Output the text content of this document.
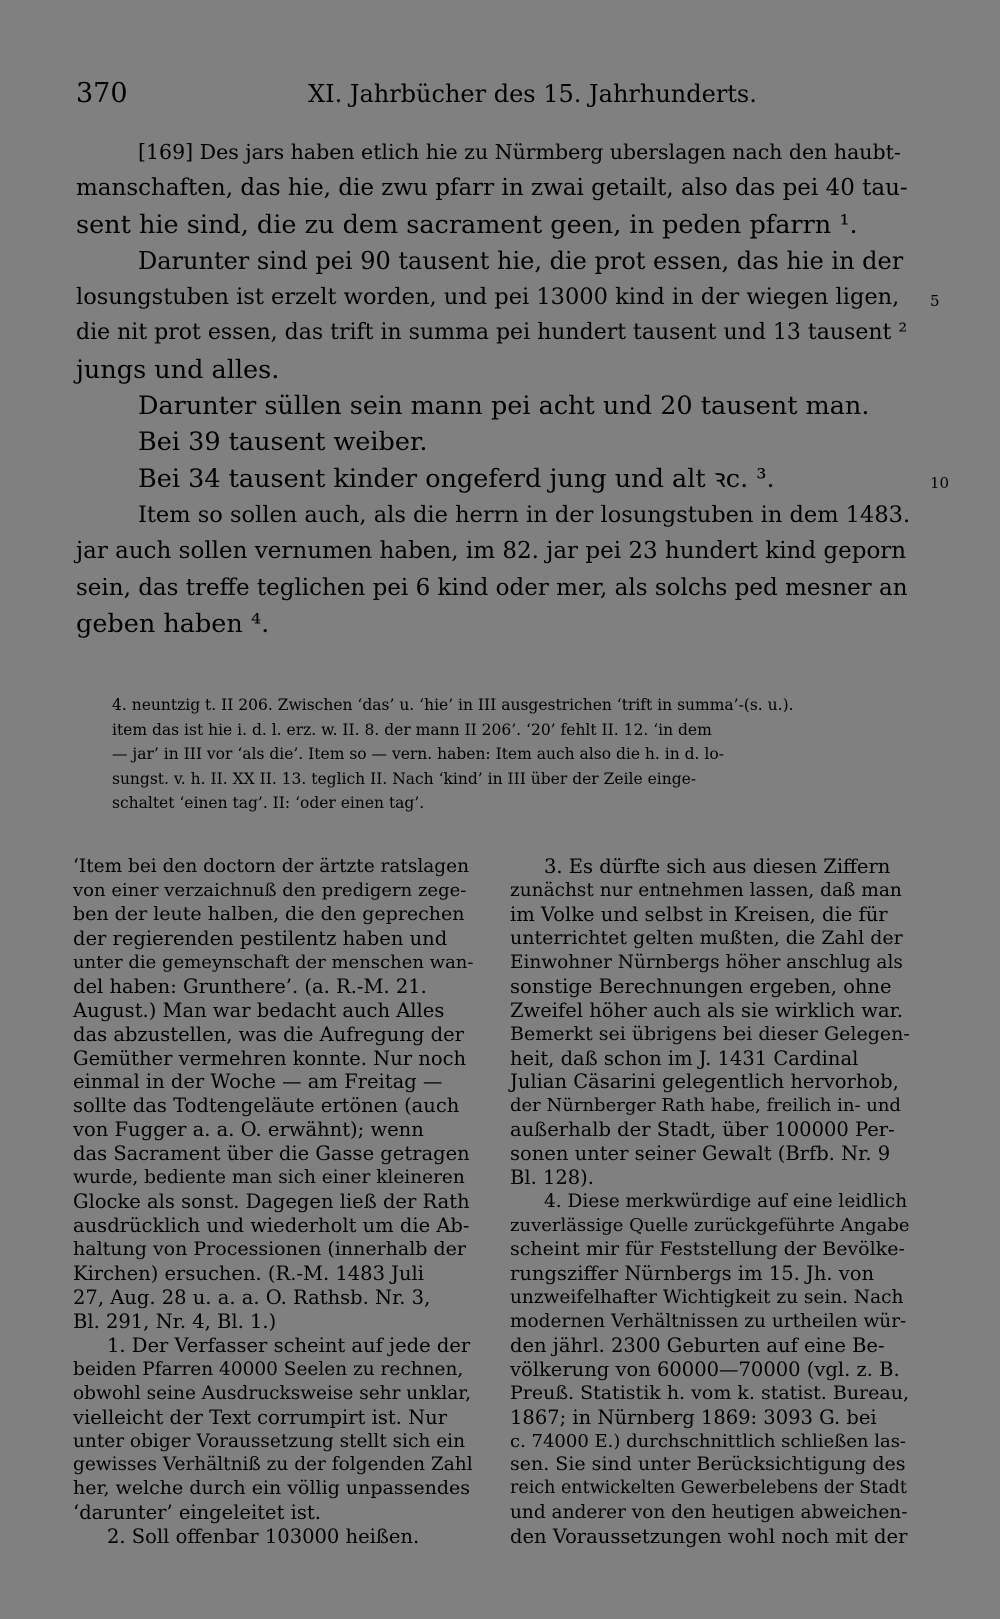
370	XI. Jahrbücher des 15. Jahrhunderts.
[169] Des jars haben etlich hie zu Nürmberg uberslagen nach den haubt-
manschaften, das hie, die zwu pfarr in zwai getailt, also das pei 40 tau-
sent hie sind, die zu dem sacrament geen, in peden pfarrn ¹.
Darunter sind pei 90 tausent hie, die prot essen, das hie in der
losungstuben ist erzelt worden, und pei 13000 kind in der wiegen ligen,
die nit prot essen, das trift in summa pei hundert tausent und 13 tausent ²
jungs und alles.
Darunter süllen sein mann pei acht und 20 tausent man.
Bei 39 tausent weiber.
Bei 34 tausent kinder ongeferd jung und alt ꝛc. ³.
Item so sollen auch, als die herrn in der losungstuben in dem 1483.
jar auch sollen vernumen haben, im 82. jar pei 23 hundert kind geporn
sein, das treffe teglichen pei 6 kind oder mer, als solchs ped mesner an
geben haben ⁴.
5
10
4. neuntzig t. II 206. Zwischen ‘das’ u. ‘hie’ in III ausgestrichen ‘trift in summa’-(s. u.).
item das ist hie i. d. l. erz. w. II. 8. der mann II 206’. ‘20’ fehlt II. 12. ‘in dem
— jar’ in III vor ‘als die’. Item so — vern. haben: Item auch also die h. in d. lo-
sungst. v. h. II. XX II. 13. teglich II. Nach ‘kind’ in III über der Zeile einge-
schaltet ‘einen tag’. II: ‘oder einen tag’.
‘Item bei den doctorn der ärtzte ratslagen
von einer verzaichnuß den predigern zege-
ben der leute halben, die den geprechen
der regierenden pestilentz haben und
unter die gemeynschaft der menschen wan-
del haben: Grunthere’. (a. R.-M. 21.
August.) Man war bedacht auch Alles
das abzustellen, was die Aufregung der
Gemüther vermehren konnte. Nur noch
einmal in der Woche — am Freitag —
sollte das Todtengeläute ertönen (auch
von Fugger a. a. O. erwähnt); wenn
das Sacrament über die Gasse getragen
wurde, bediente man sich einer kleineren
Glocke als sonst. Dagegen ließ der Rath
ausdrücklich und wiederholt um die Ab-
haltung von Processionen (innerhalb der
Kirchen) ersuchen. (R.-M. 1483 Juli
27, Aug. 28 u. a. a. O. Rathsb. Nr. 3,
Bl. 291, Nr. 4, Bl. 1.)
1. Der Verfasser scheint auf jede der
beiden Pfarren 40000 Seelen zu rechnen,
obwohl seine Ausdrucksweise sehr unklar,
vielleicht der Text corrumpirt ist. Nur
unter obiger Voraussetzung stellt sich ein
gewisses Verhältniß zu der folgenden Zahl
her, welche durch ein völlig unpassendes
‘darunter’ eingeleitet ist.
2. Soll offenbar 103000 heißen.
3. Es dürfte sich aus diesen Ziffern
zunächst nur entnehmen lassen, daß man
im Volke und selbst in Kreisen, die für
unterrichtet gelten mußten, die Zahl der
Einwohner Nürnbergs höher anschlug als
sonstige Berechnungen ergeben, ohne
Zweifel höher auch als sie wirklich war.
Bemerkt sei übrigens bei dieser Gelegen-
heit, daß schon im J. 1431 Cardinal
Julian Cäsarini gelegentlich hervorhob,
der Nürnberger Rath habe, freilich in- und
außerhalb der Stadt, über 100000 Per-
sonen unter seiner Gewalt (Brfb. Nr. 9
Bl. 128).
4. Diese merkwürdige auf eine leidlich
zuverlässige Quelle zurückgeführte Angabe
scheint mir für Feststellung der Bevölke-
rungsziffer Nürnbergs im 15. Jh. von
unzweifelhafter Wichtigkeit zu sein. Nach
modernen Verhältnissen zu urtheilen wür-
den jährl. 2300 Geburten auf eine Be-
völkerung von 60000—70000 (vgl. z. B.
Preuß. Statistik h. vom k. statist. Bureau,
1867; in Nürnberg 1869: 3093 G. bei
c. 74000 E.) durchschnittlich schließen las-
sen. Sie sind unter Berücksichtigung des
reich entwickelten Gewerbelebens der Stadt
und anderer von den heutigen abweichen-
den Voraussetzungen wohl noch mit der
